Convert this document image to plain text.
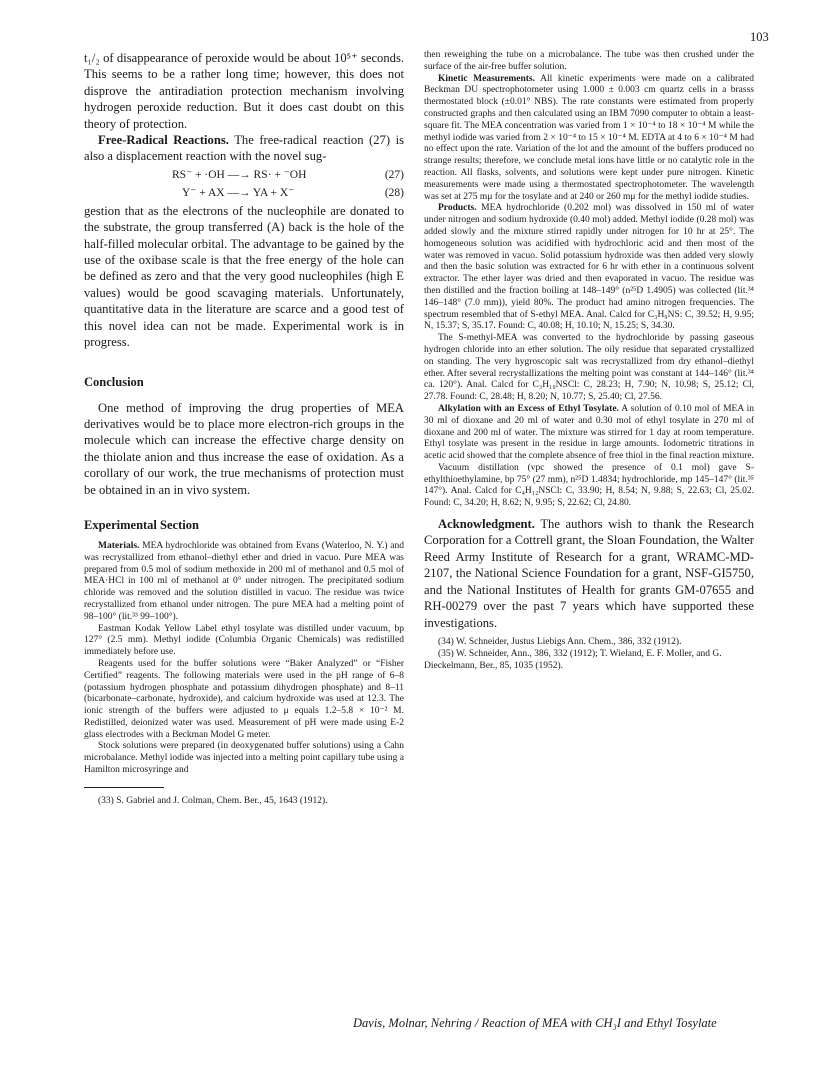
103

t₁/₂ of disappearance of peroxide would be about 10⁵⁺ seconds. This seems to be a rather long time; however, this does not disprove the antiradiation protection mechanism involving hydrogen peroxide reduction. But it does cast doubt on this theory of protection.

Free-Radical Reactions. The free-radical reaction (27) is also a displacement reaction with the novel sug-

RS⁻ + ·OH —→ RS· + ⁻OH	(27)
Y⁻ + AX —→ YA + X⁻	(28)

gestion that as the electrons of the nucleophile are donated to the substrate, the group transferred (A) back is the hole of the half-filled molecular orbital. The advantage to be gained by the use of the oxibase scale is that the free energy of the hole can be defined as zero and that the very good nucleophiles (high E values) would be good scavaging materials. Unfortunately, quantitative data in the literature are scarce and a good test of this novel idea can not be made. Experimental work is in progress.

Conclusion

One method of improving the drug properties of MEA derivatives would be to place more electron-rich groups in the molecule which can increase the effective charge density on the thiolate anion and thus increase the ease of oxidation. As a corollary of our work, the true mechanisms of protection must be obtained in an in vivo system.

Experimental Section

Materials. MEA hydrochloride was obtained from Evans (Waterloo, N. Y.) and was recrystallized from ethanol–diethyl ether and dried in vacuo. Pure MEA was prepared from 0.5 mol of sodium methoxide in 200 ml of methanol and 0.5 mol of MEA·HCl in 100 ml of methanol at 0° under nitrogen. The precipitated sodium chloride was removed and the solution distilled in vacuo. The residue was twice recrystallized from ethanol under nitrogen. The pure MEA had a melting point of 98–100° (lit.³³ 99–100°).

Eastman Kodak Yellow Label ethyl tosylate was distilled under vacuum, bp 127° (2.5 mm). Methyl iodide (Columbia Organic Chemicals) was redistilled immediately before use.

Reagents used for the buffer solutions were “Baker Analyzed” or “Fisher Certified” reagents. The following materials were used in the pH range of 6–8 (potassium hydrogen phosphate and potassium dihydrogen phosphate) and 8–11 (bicarbonate–carbonate, hydroxide), and calcium hydroxide was used at 12.3. The ionic strength of the buffers were adjusted to μ equals 1.2–5.8 × 10⁻² M. Redistilled, deionized water was used. Measurement of pH were made using E-2 glass electrodes with a Beckman Model G meter.

Stock solutions were prepared (in deoxygenated buffer solutions) using a Cahn microbalance. Methyl iodide was injected into a melting point capillary tube using a Hamilton microsyringe and

(33) S. Gabriel and J. Colman, Chem. Ber., 45, 1643 (1912).

then reweighing the tube on a microbalance. The tube was then crushed under the surface of the air-free buffer solution.

Kinetic Measurements. All kinetic experiments were made on a calibrated Beckman DU spectrophotometer using 1.000 ± 0.003 cm quartz cells in a brasss thermostated block (±0.01° NBS). The rate constants were estimated from properly constructed graphs and then calculated using an IBM 7090 computer to obtain a least-square fit. The MEA concentration was varied from 1 × 10⁻⁴ to 18 × 10⁻⁴ M while the methyl iodide was varied from 2 × 10⁻⁴ to 15 × 10⁻⁴ M. EDTA at 4 to 6 × 10⁻⁴ M had no effect upon the rate. Variation of the lot and the amount of the buffers produced no strange results; therefore, we conclude metal ions have little or no catalytic role in the reaction. All flasks, solvents, and solutions were kept under pure nitrogen. Kinetic measurements were made using a thermostated spectrophotometer. The wavelength was set at 275 mμ for the tosylate and at 240 or 260 mμ for the methyl iodide studies.

Products. MEA hydrochloride (0.202 mol) was dissolved in 150 ml of water under nitrogen and sodium hydroxide (0.40 mol) added. Methyl iodide (0.28 mol) was added slowly and the mixture stirred rapidly under nitrogen for 10 hr at 25°. The homogeneous solution was acidified with hydrochloric acid and then most of the water was removed in vacuo. Solid potassium hydroxide was then added very slowly and then the basic solution was extracted for 6 hr with ether in a continuous solvent extractor. The ether layer was dried and then evaporated in vacuo. The residue was then distilled and the fraction boiling at 148–149° (n²⁵D 1.4905) was collected (lit.³⁴ 146–148° (7.0 mm)), yield 80%. The product had amino nitrogen frequencies. The spectrum resembled that of S-ethyl MEA. Anal. Calcd for C₃H₉NS: C, 39.52; H, 9.95; N, 15.37; S, 35.17. Found: C, 40.08; H, 10.10; N, 15.25; S, 34.30.

The S-methyl-MEA was converted to the hydrochloride by passing gaseous hydrogen chloride into an ether solution. The oily residue that separated crystallized on standing. The very hygroscopic salt was recrystallized from dry ethanol–diethyl ether. After several recrystallizations the melting point was constant at 144–146° (lit.³⁴ ca. 120°). Anal. Calcd for C₃H₁₀NSCl: C, 28.23; H, 7.90; N, 10.98; S, 25.12; Cl, 27.78. Found: C, 28.48; H, 8.20; N, 10.77; S, 25.40; Cl, 27.56.

Alkylation with an Excess of Ethyl Tosylate. A solution of 0.10 mol of MEA in 30 ml of dioxane and 20 ml of water and 0.30 mol of ethyl tosylate in 270 ml of dioxane and 200 ml of water. The mixture was stirred for 1 day at room temperature. Ethyl tosylate was present in the residue in large amounts. Iodometric titrations in acetic acid showed that the complete absence of free thiol in the final reaction mixture.

Vacuum distillation (vpc showed the presence of 0.1 mol) gave S-ethylthioethylamine, bp 75° (27 mm), n²⁵D 1.4834; hydrochloride, mp 145–147° (lit.³⁵ 147°). Anal. Calcd for C₄H₁₂NSCl: C, 33.90; H, 8.54; N, 9.88; S, 22.63; Cl, 25.02. Found: C, 34.20; H, 8.62; N, 9.95; S, 22.62; Cl, 24.80.

Acknowledgment. The authors wish to thank the Research Corporation for a Cottrell grant, the Sloan Foundation, the Walter Reed Army Institute of Research for a grant, WRAMC-MD-2107, the National Science Foundation for a grant, NSF-GI5750, and the National Institutes of Health for grants GM-07655 and RH-00279 over the past 7 years which have supported these investigations.

(34) W. Schneider, Justus Liebigs Ann. Chem., 386, 332 (1912).

(35) W. Schneider, Ann., 386, 332 (1912); T. Wieland, E. F. Moller, and G. Dieckelmann, Ber., 85, 1035 (1952).

Davis, Molnar, Nehring / Reaction of MEA with CH₃I and Ethyl Tosylate
